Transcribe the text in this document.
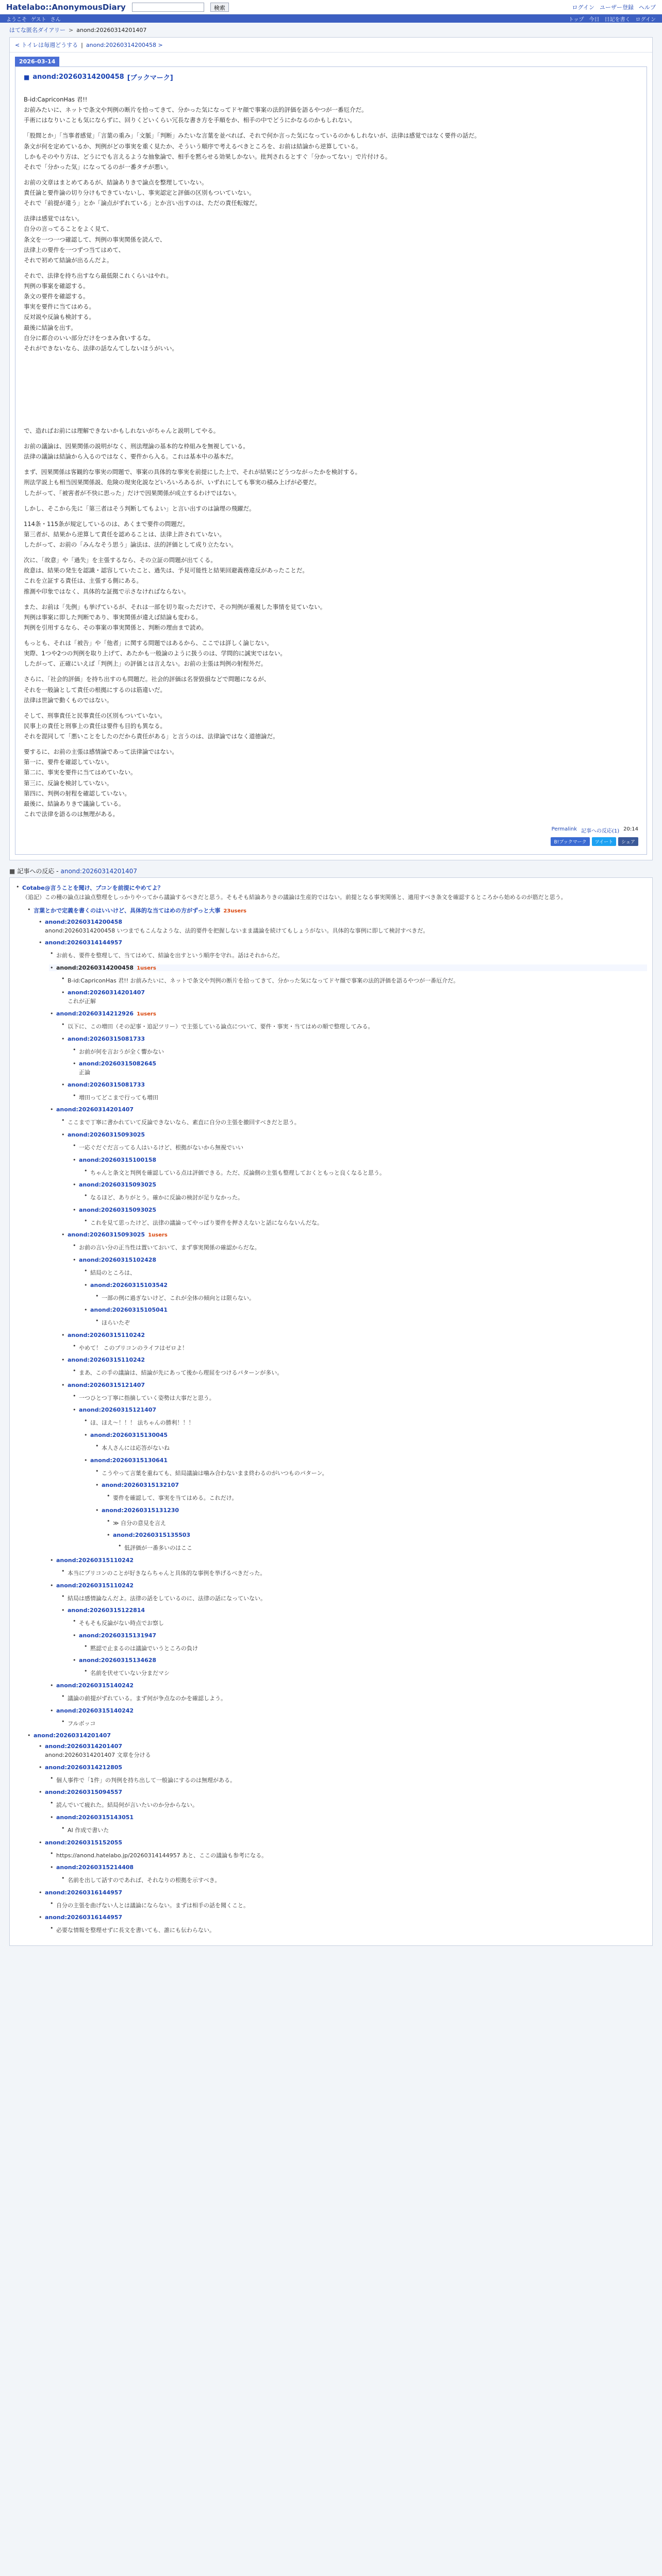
Hatelabo::AnonymousDiary	検索	ログイン ユーザー登録 ヘルプ
ようこそ ゲスト さん	トップ 今日 日記を書く ログイン
はてな匿名ダイアリー > anond:20260314201407
< トイレは毎週どうする | anond:20260314200458 >
2026-03-14
■ anond:20260314200458 [ブックマーク]

B-id:CapriconHas 君!!
お前みたいに、ネットで条文や判例の断片を拾ってきて、分かった気になってドヤ顔で事案の法的評価を語るやつが一番厄介だ。
手術にはなりいことも気にならずに、回りくどいくらい冗長な書き方を手順をか、相手の中でどうにかなるのかもしれない。

「股間とか」「当事者感覚」「言葉の重み」「文脈」「判断」みたいな言葉を並べれば、それで何か言った気になっているのかもしれないが、法律は感覚ではなく要件の話だ。
条文が何を定めているか、判例がどの事実を重く見たか、そういう順序で考えるべきところを、お前は結論から逆算している。
しかもそのやり方は、どうにでも言えるような抽象論で、相手を黙らせる効果しかない。批判されるとすぐ「分かってない」で片付ける。
それで「分かった気」になってるのが一番タチが悪い。

お前の文章はまとめてあるが、結論ありきで論点を整理していない。
責任論と要件論の切り分けもできていないし、事実認定と評価の区別もついていない。
それで「前提が違う」とか「論点がずれている」とか言い出すのは、ただの責任転嫁だ。

法律は感覚ではない。
自分の言ってることをよく見て、
条文を一つ一つ確認して、判例の事実関係を読んで、
法律上の要件を一つずつ当てはめて、
それで初めて結論が出るんだよ。

それで、法律を持ち出すなら最低限これくらいはやれ。
判例の事案を確認する。
条文の要件を確認する。
事実を要件に当てはめる。
反対説や反論も検討する。
最後に結論を出す。
自分に都合のいい部分だけをつまみ食いするな。
それができないなら、法律の話なんてしないほうがいい。

で、造ればお前には理解できないかもしれないがちゃんと説明してやる。

お前の議論は、因果関係の説明がなく、刑法理論の基本的な枠組みを無視している。
法律の議論は結論から入るのではなく、要件から入る。これは基本中の基本だ。

まず、因果関係は客観的な事実の問題で、事案の具体的な事実を前提にした上で、それが結果にどうつながったかを検討する。
刑法学説上も相当因果関係説、危険の現実化説などいろいろあるが、いずれにしても事実の積み上げが必要だ。
したがって、「被害者が不快に思った」だけで因果関係が成立するわけではない。

しかし、そこから先に「第三者はそう判断してもよい」と言い出すのは論理の飛躍だ。

114条・115条が規定しているのは、あくまで要件の問題だ。
第三者が、結果から逆算して責任を認めることは、法律上許されていない。
したがって、お前の「みんなそう思う」論法は、法的評価として成り立たない。

次に、「故意」や「過失」を主張するなら、その立証の問題が出てくる。
故意は、結果の発生を認識・認容していたこと、過失は、予見可能性と結果回避義務違反があったことだ。
これを立証する責任は、主張する側にある。
推測や印象ではなく、具体的な証拠で示さなければならない。

また、お前は「先例」も挙げているが、それは一部を切り取っただけで、その判例が重視した事情を見ていない。
判例は事案に即した判断であり、事実関係が違えば結論も変わる。
判例を引用するなら、その事案の事実関係と、判断の理由まで読め。

もっとも、それは「被告」や「他者」に関する問題ではあるから、ここでは詳しく論じない。
実際、1つや2つの判例を取り上げて、あたかも一般論のように扱うのは、学問的に誠実ではない。
したがって、正確にいえば「判例上」の評価とは言えない。お前の主張は判例の射程外だ。

さらに、「社会的評価」を持ち出すのも問題だ。社会的評価は名誉毀損などで問題になるが、
それを一般論として責任の根拠にするのは筋違いだ。
法律は世論で動くものではない。

そして、刑事責任と民事責任の区別もついていない。
民事上の責任と刑事上の責任は要件も目的も異なる。
それを混同して「悪いことをしたのだから責任がある」と言うのは、法律論ではなく道徳論だ。

要するに、お前の主張は感情論であって法律論ではない。
第一に、要件を確認していない。
第二に、事実を要件に当てはめていない。
第三に、反論を検討していない。
第四に、判例の射程を確認していない。
最後に、結論ありきで議論している。
これで法律を語るのは無理がある。

Permalink 記事への反応(1) 20:14
B!ブックマーク	ツイート	シェア
■ 記事への反応 - anond:20260314201407
• Cotabe@言うことを聞け、プコンを前提にやめてよ？
（追記）この種の論点は論点整理をしっかりやってから議論するべきだと思う。そもそも結論ありきの議論は生産的ではない。前提となる事実関係と、適用すべき条文を確認するところから始めるのが筋だと思う。
• 言葉とかで定義を書くのはいいけど、具体的な当てはめの方がずっと大事 23users
• anond:20260314200458
anond:20260314200458 いつまでもこんなような、法的要件を把握しないまま議論を続けてもしょうがない。具体的な事例に即して検討すべきだ。
• anond:20260314144957
• お前も、要件を整理して、当てはめて、結論を出すという順序を守れ。話はそれからだ。
• anond:20260314200458 1users
• B-id:CapriconHas 君!! お前みたいに、ネットで条文や判例の断片を拾ってきて、分かった気になってドヤ顔で事案の法的評価を語るやつが一番厄介だ。
• anond:20260314201407
これが正解
• anond:20260314212926 1users
• 以下に、この増田（その記事・追記ツリー）で主張している論点について、要件・事実・当てはめの順で整理してみる。
• anond:20260315081733
• お前が何を言おうが全く響かない
• anond:20260315082645
正論
• anond:20260315081733
• 増田ってどこまで行っても増田
• anond:20260314201407
• ここまで丁寧に書かれていて反論できないなら、素直に自分の主張を撤回すべきだと思う。
• anond:20260315093025
• 一応ぐだぐだ言ってる人はいるけど、根拠がないから無視でいい
• anond:20260315100158
• ちゃんと条文と判例を確認している点は評価できる。ただ、反論側の主張も整理しておくともっと良くなると思う。
• anond:20260315093025
• なるほど、ありがとう。確かに反論の検討が足りなかった。
• anond:20260315093025
• これを見て思ったけど、法律の議論ってやっぱり要件を押さえないと話にならないんだな。
• anond:20260315093025 1users
• お前の言い分の正当性は置いておいて、まず事実関係の確認からだな。
• anond:20260315102428
• 結局のところは、
• anond:20260315103542
• 一部の例に過ぎないけど、これが全体の傾向とは限らない。
• anond:20260315105041
• ほらいたぞ
• anond:20260315110242
• やめて！ このプリコンのライフはゼロよ！
• anond:20260315110242
• まあ、この手の議論は、結論が先にあって後から理屈をつけるパターンが多い。
• anond:20260315121407
• 一つひとつ丁寧に指摘していく姿勢は大事だと思う。
• anond:20260315121407
• ほ、ほえ～！！！ 法ちゃんの勝利！！！
• anond:20260315130045
• 本人さんには応答がないね
• anond:20260315130641
• こうやって言葉を重ねても、結局議論は噛み合わないまま終わるのがいつものパターン。
• anond:20260315132107
• 要件を確認して、事実を当てはめる。これだけ。
• anond:20260315131230
• ≫ 自分の意見を言え
• anond:20260315135503
• 低評価が一番多いのはここ
• anond:20260315110242
• 本当にプリコンのことが好きならちゃんと具体的な事例を挙げるべきだった。
• anond:20260315110242
• 結局は感情論なんだよ。法律の話をしているのに、法律の話になっていない。
• anond:20260315122814
• そもそも反論がない時点でお察し
• anond:20260315131947
• 黙認で止まるのは議論でいうところの負け
• anond:20260315134628
• 名前を伏せていない分まだマシ
• anond:20260315140242
• 議論の前提がずれている。まず何が争点なのかを確認しよう。
• anond:20260315140242
• フルボッコ
• anond:20260314201407
• anond:20260314201407
anond:20260314201407 文章を分ける
• anond:20260314212805
• 個人事件で「1件」の判例を持ち出して一般論にするのは無理がある。
• anond:20260315094557
• 読んでいて疲れた。結局何が言いたいのか分からない。
• anond:20260315143051
• AI 作成で書いた
• anond:20260315152055
• https://anond.hatelabo.jp/20260314144957 あと、ここの議論も参考になる。
• anond:20260315214408
• 名前を出して話すのであれば、それなりの根拠を示すべき。
• anond:20260316144957
• 自分の主張を曲げない人とは議論にならない。まずは相手の話を聞くこと。
• anond:20260316144957
• 必要な情報を整理せずに長文を書いても、誰にも伝わらない。
